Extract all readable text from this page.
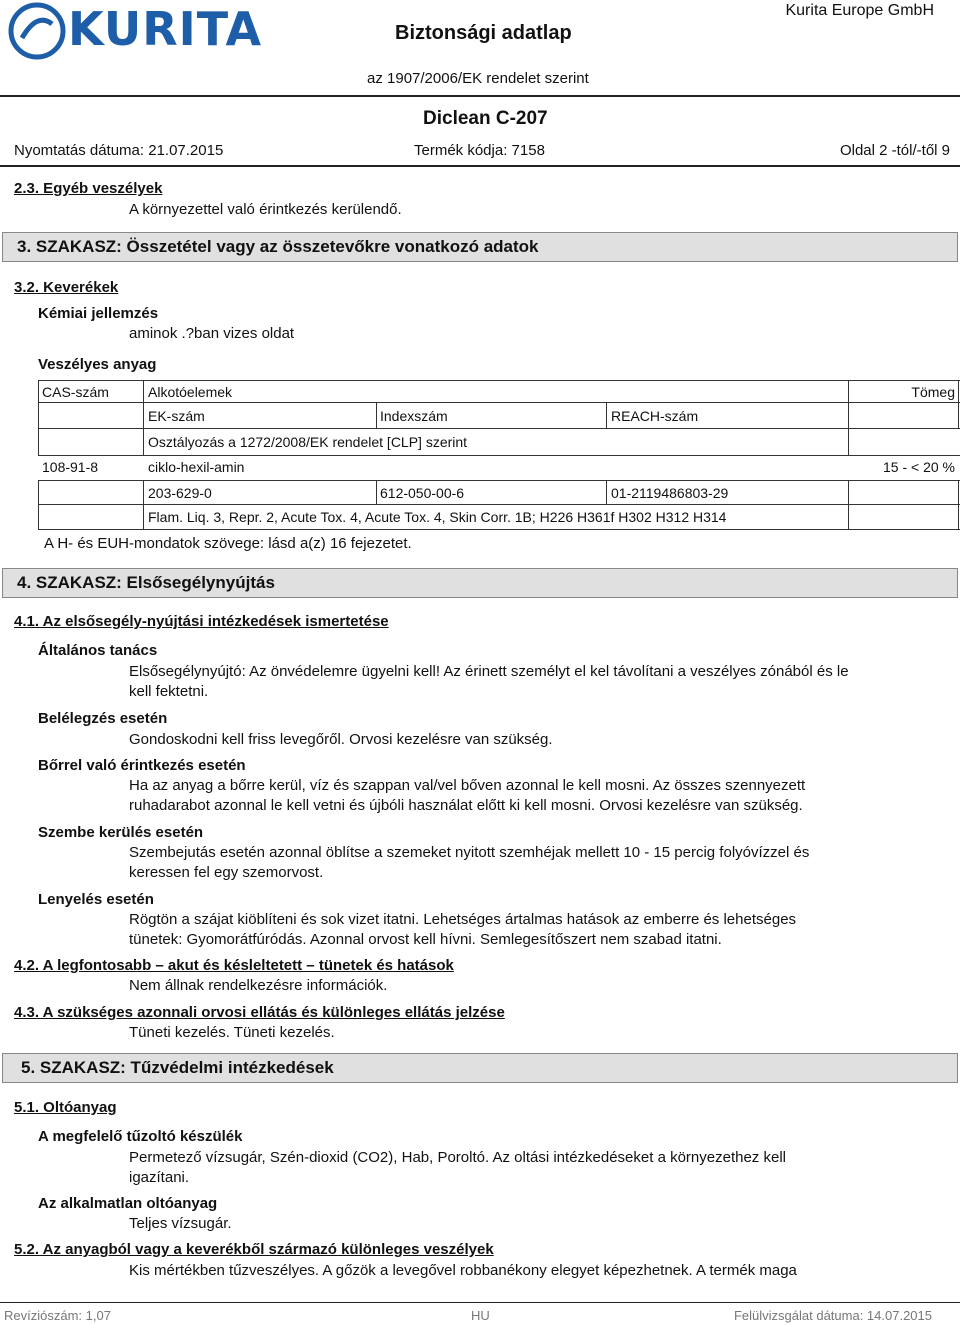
KURITA	Biztonsági adatlap
Kurita Europe GmbH
az 1907/2006/EK rendelet szerint
Diclean C-207
Nyomtatás dátuma: 21.07.2015	Termék kódja: 7158	Oldal 2 -tól/-től 9
2.3. Egyéb veszélyek
A környezettel való érintkezés kerülendő.
3. SZAKASZ: Összetétel vagy az összetevőkre vonatkozó adatok
3.2. Keverékek
Kémiai jellemzés
aminok .?ban vizes oldat
Veszélyes anyag
CAS-szám	Alkotóelemek	Tömeg
EK-szám	Indexszám	REACH-szám
Osztályozás a 1272/2008/EK rendelet [CLP] szerint
108-91-8	ciklo-hexil-amin	15 - < 20 %
203-629-0	612-050-00-6	01-2119486803-29
Flam. Liq. 3, Repr. 2, Acute Tox. 4, Acute Tox. 4, Skin Corr. 1B; H226 H361f H302 H312 H314
A H- és EUH-mondatok szövege: lásd a(z) 16 fejezetet.
4. SZAKASZ: Elsősegélynyújtás
4.1. Az elsősegély-nyújtási intézkedések ismertetése
Általános tanács
Elsősegélynyújtó: Az önvédelemre ügyelni kell! Az érinett személyt el kel távolítani a veszélyes zónából és le kell fektetni.
Belélegzés esetén
Gondoskodni kell friss levegőről. Orvosi kezelésre van szükség.
Bőrrel való érintkezés esetén
Ha az anyag a bőrre kerül, víz és szappan val/vel bőven azonnal le kell mosni. Az összes szennyezett ruhadarabot azonnal le kell vetni és újbóli használat előtt ki kell mosni. Orvosi kezelésre van szükség.
Szembe kerülés esetén
Szembejutás esetén azonnal öblítse a szemeket nyitott szemhéjak mellett 10 - 15 percig folyóvízzel és keressen fel egy szemorvost.
Lenyelés esetén
Rögtön a szájat kiöblíteni és sok vizet itatni. Lehetséges ártalmas hatások az emberre és lehetséges tünetek: Gyomorátfúródás. Azonnal orvost kell hívni. Semlegesítőszert nem szabad itatni.
4.2. A legfontosabb – akut és késleltetett – tünetek és hatások
Nem állnak rendelkezésre információk.
4.3. A szükséges azonnali orvosi ellátás és különleges ellátás jelzése
Tüneti kezelés. Tüneti kezelés.
5. SZAKASZ: Tűzvédelmi intézkedések
5.1. Oltóanyag
A megfelelő tűzoltó készülék
Permetező vízsugár, Szén-dioxid (CO2), Hab, Poroltó. Az oltási intézkedéseket a környezethez kell igazítani.
Az alkalmatlan oltóanyag
Teljes vízsugár.
5.2. Az anyagból vagy a keverékből származó különleges veszélyek
Kis mértékben tűzveszélyes. A gőzök a levegővel robbanékony elegyet képezhetnek. A termék maga
Revíziószám: 1,07	HU	Felülvizsgálat dátuma: 14.07.2015
